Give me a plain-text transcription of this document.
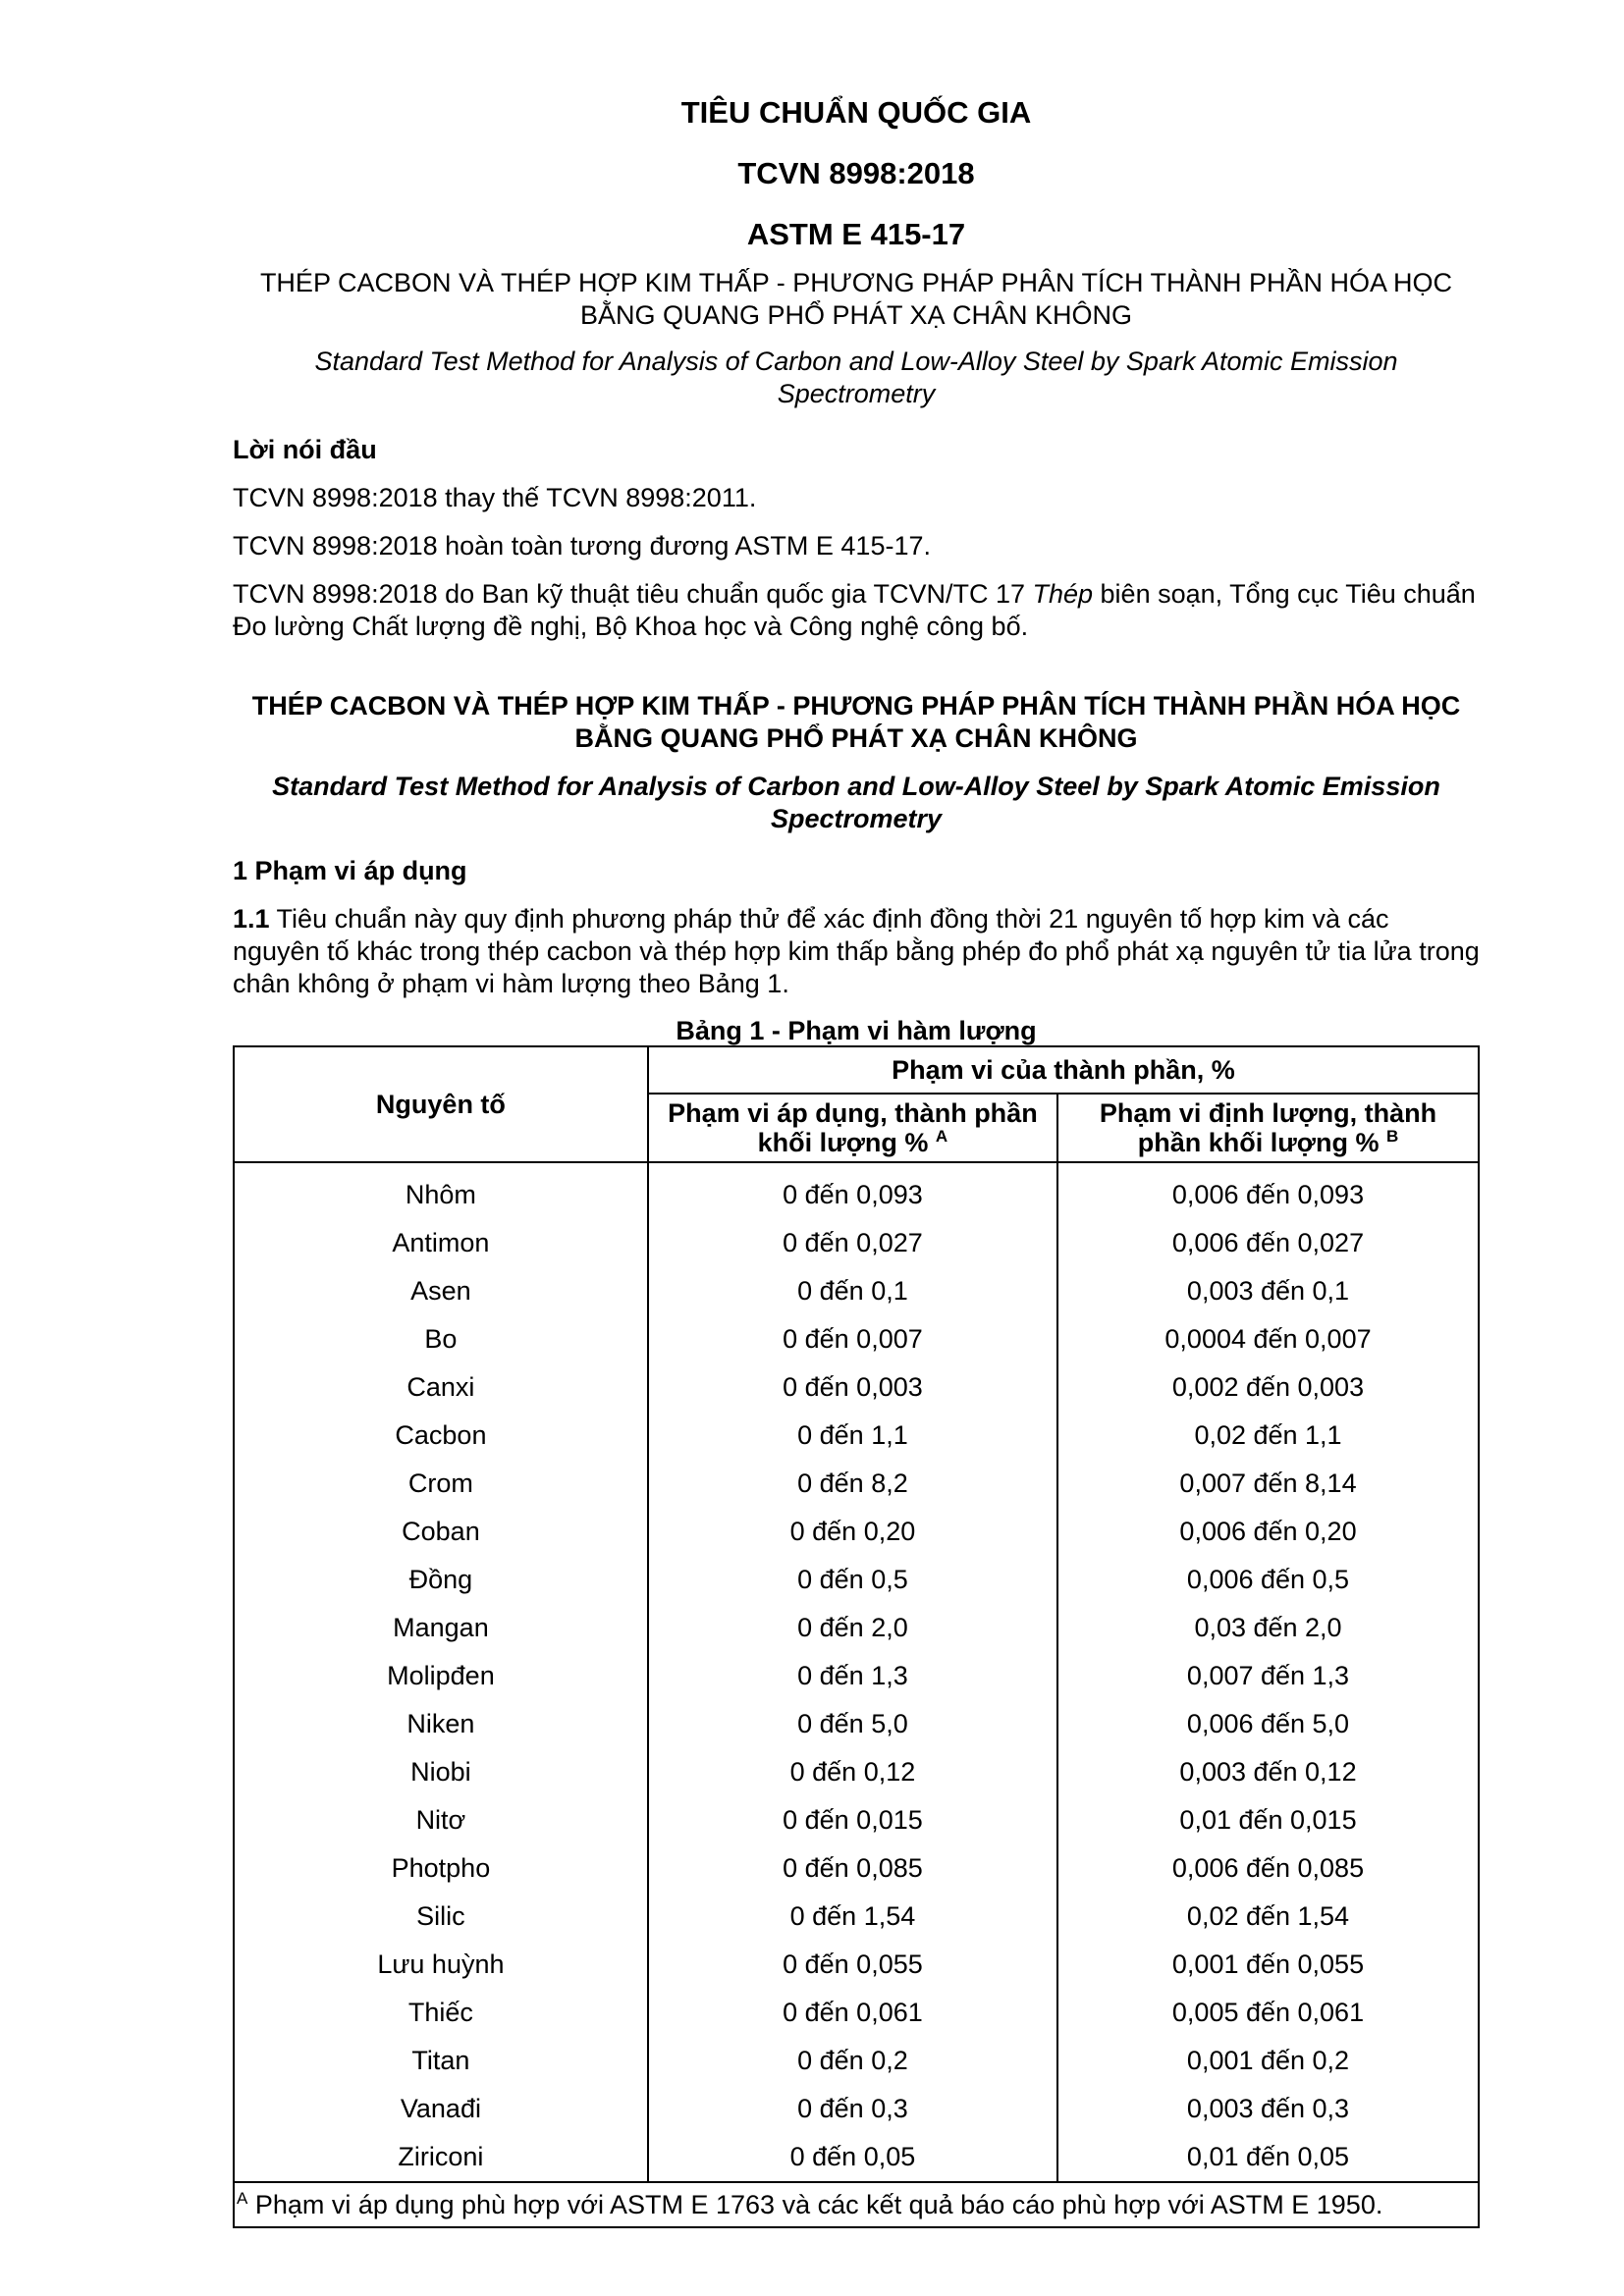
TIÊU CHUẨN QUỐC GIA
TCVN 8998:2018
ASTM E 415-17
THÉP CACBON VÀ THÉP HỢP KIM THẤP - PHƯƠNG PHÁP PHÂN TÍCH THÀNH PHẦN HÓA HỌC BẰNG QUANG PHỔ PHÁT XẠ CHÂN KHÔNG
Standard Test Method for Analysis of Carbon and Low-Alloy Steel by Spark Atomic Emission Spectrometry
Lời nói đầu

TCVN 8998:2018 thay thế TCVN 8998:2011.

TCVN 8998:2018 hoàn toàn tương đương ASTM E 415-17.

TCVN 8998:2018 do Ban kỹ thuật tiêu chuẩn quốc gia TCVN/TC 17 Thép biên soạn, Tổng cục Tiêu chuẩn Đo lường Chất lượng đề nghị, Bộ Khoa học và Công nghệ công bố.

THÉP CACBON VÀ THÉP HỢP KIM THẤP - PHƯƠNG PHÁP PHÂN TÍCH THÀNH PHẦN HÓA HỌC BẰNG QUANG PHỔ PHÁT XẠ CHÂN KHÔNG
Standard Test Method for Analysis of Carbon and Low-Alloy Steel by Spark Atomic Emission Spectrometry
1 Phạm vi áp dụng

1.1 Tiêu chuẩn này quy định phương pháp thử để xác định đồng thời 21 nguyên tố hợp kim và các nguyên tố khác trong thép cacbon và thép hợp kim thấp bằng phép đo phổ phát xạ nguyên tử tia lửa trong chân không ở phạm vi hàm lượng theo Bảng 1.

Bảng 1 - Phạm vi hàm lượng
Nguyên tố	Phạm vi của thành phần, %	
	Phạm vi áp dụng, thành phần khối lượng % $^A$	Phạm vi định lượng, thành phần khối lượng % $^B$
Nhôm	0 đến 0,093	0,006 đến 0,093
Antimon	0 đến 0,027	0,006 đến 0,027
Asen	0 đến 0,1	0,003 đến 0,1
Bo	0 đến 0,007	0,0004 đến 0,007
Canxi	0 đến 0,003	0,002 đến 0,003
Cacbon	0 đến 1,1	0,02 đến 1,1
Crom	0 đến 8,2	0,007 đến 8,14
Coban	0 đến 0,20	0,006 đến 0,20
Đồng	0 đến 0,5	0,006 đến 0,5
Mangan	0 đến 2,0	0,03 đến 2,0
Molipđen	0 đến 1,3	0,007 đến 1,3
Niken	0 đến 5,0	0,006 đến 5,0
Niobi	0 đến 0,12	0,003 đến 0,12
Nitơ	0 đến 0,015	0,01 đến 0,015
Photpho	0 đến 0,085	0,006 đến 0,085
Silic	0 đến 1,54	0,02 đến 1,54
Lưu huỳnh	0 đến 0,055	0,001 đến 0,055
Thiếc	0 đến 0,061	0,005 đến 0,061
Titan	0 đến 0,2	0,001 đến 0,2
Vanađi	0 đến 0,3	0,003 đến 0,3
Ziriconi	0 đến 0,05	0,01 đến 0,05
$^A$ Phạm vi áp dụng phù hợp với ASTM E 1763 và các kết quả báo cáo phù hợp với ASTM E 1950.		
